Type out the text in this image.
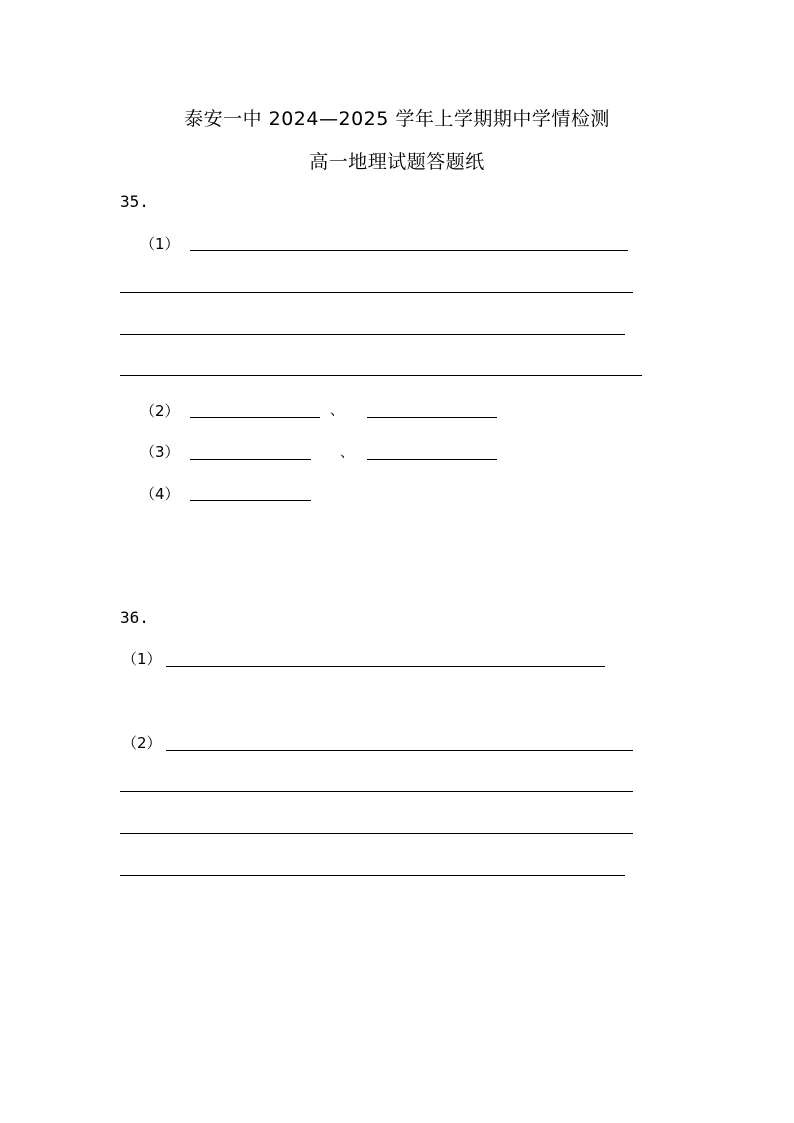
泰安一中 2024—2025 学年上学期期中学情检测
高一地理试题答题纸
35.
（1）
（2）	、
（3）	、
（4）
36.
（1）
（2）
